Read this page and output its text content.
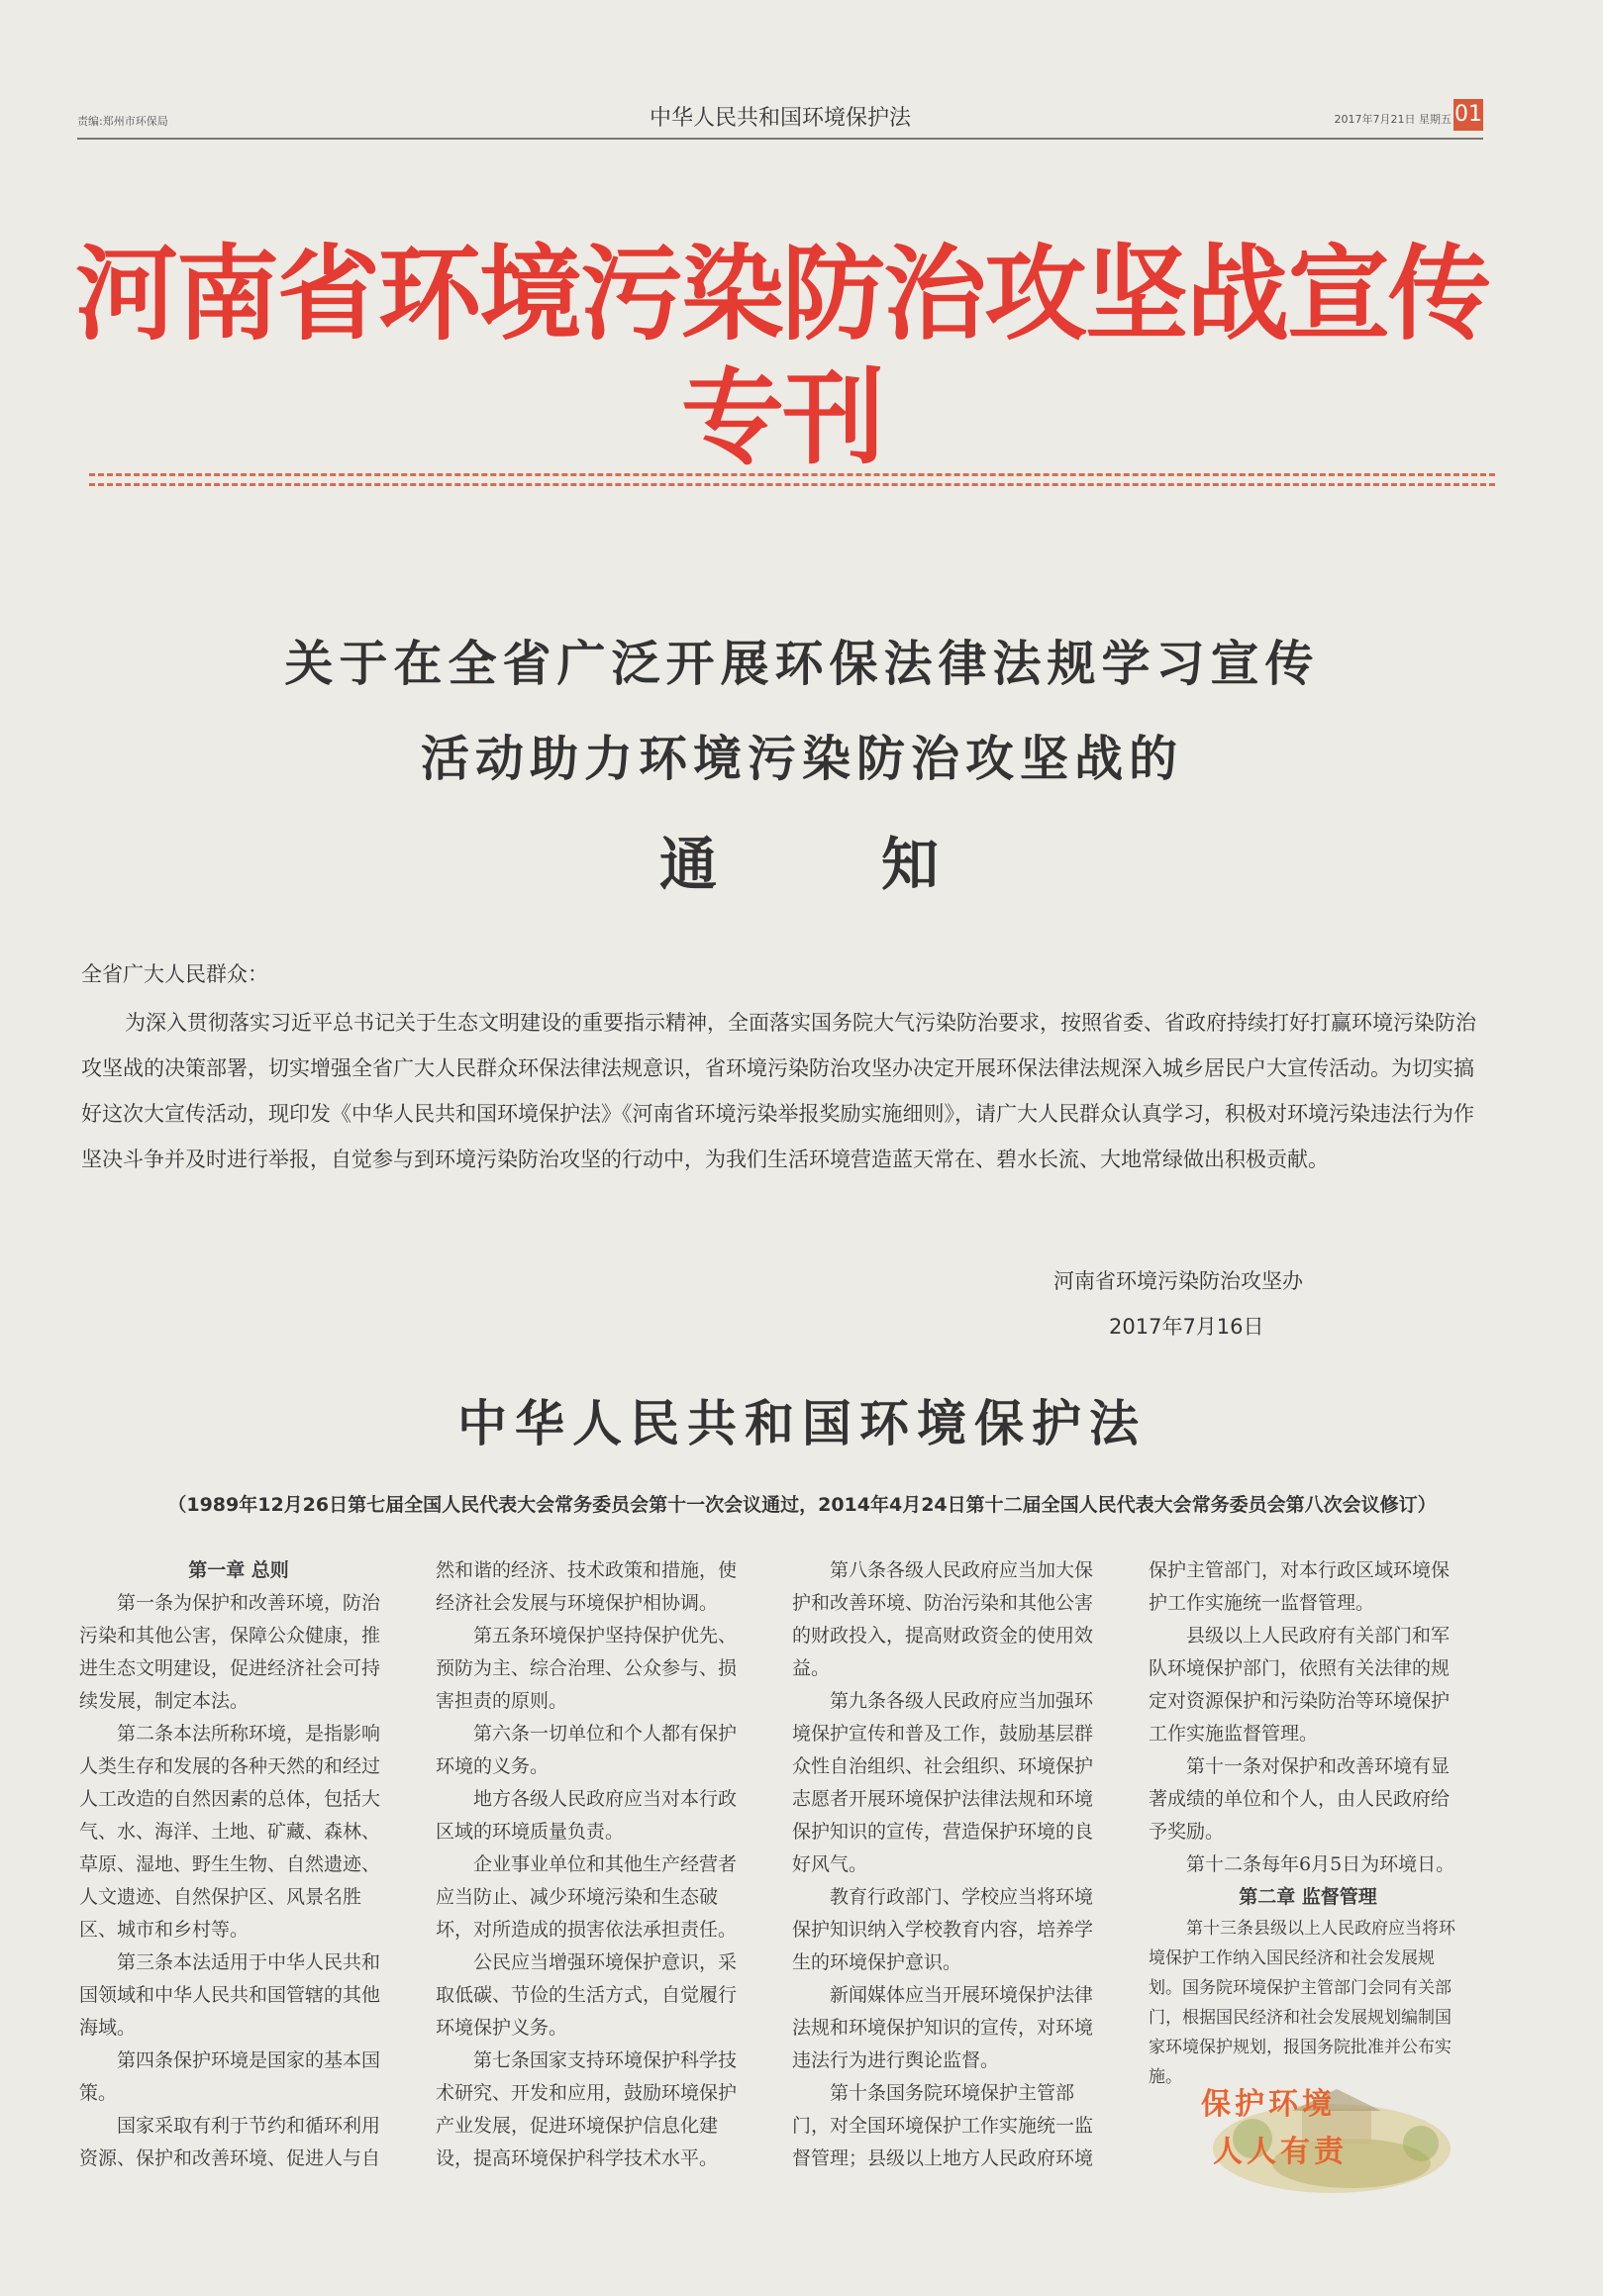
责编:郑州市环保局	中华人民共和国环境保护法	2017年7月21日 星期五 01
河南省环境污染防治攻坚战宣传专刊
关于在全省广泛开展环保法律法规学习宣传
活动助力环境污染防治攻坚战的
通	知
全省广大人民群众：

为深入贯彻落实习近平总书记关于生态文明建设的重要指示精神，全面落实国务院大气污染防治要求，按照省委、省政府持续打好打赢环境污染防治攻坚战的决策部署，切实增强全省广大人民群众环保法律法规意识，省环境污染防治攻坚办决定开展环保法律法规深入城乡居民户大宣传活动。为切实搞好这次大宣传活动，现印发《中华人民共和国环境保护法》《河南省环境污染举报奖励实施细则》，请广大人民群众认真学习，积极对环境污染违法行为作坚决斗争并及时进行举报，自觉参与到环境污染防治攻坚的行动中，为我们生活环境营造蓝天常在、碧水长流、大地常绿做出积极贡献。

河南省环境污染防治攻坚办
2017年7月16日
中华人民共和国环境保护法
（1989年12月26日第七届全国人民代表大会常务委员会第十一次会议通过，2014年4月24日第十二届全国人民代表大会常务委员会第八次会议修订）

第一章 总则

第一条为保护和改善环境，防治污染和其他公害，保障公众健康，推进生态文明建设，促进经济社会可持续发展，制定本法。

第二条本法所称环境，是指影响人类生存和发展的各种天然的和经过人工改造的自然因素的总体，包括大气、水、海洋、土地、矿藏、森林、草原、湿地、野生生物、自然遗迹、人文遗迹、自然保护区、风景名胜区、城市和乡村等。

第三条本法适用于中华人民共和国领域和中华人民共和国管辖的其他海域。

第四条保护环境是国家的基本国策。

国家采取有利于节约和循环利用资源、保护和改善环境、促进人与自

然和谐的经济、技术政策和措施，使经济社会发展与环境保护相协调。

第五条环境保护坚持保护优先、预防为主、综合治理、公众参与、损害担责的原则。

第六条一切单位和个人都有保护环境的义务。

地方各级人民政府应当对本行政区域的环境质量负责。

企业事业单位和其他生产经营者应当防止、减少环境污染和生态破坏，对所造成的损害依法承担责任。

公民应当增强环境保护意识，采取低碳、节俭的生活方式，自觉履行环境保护义务。

第七条国家支持环境保护科学技术研究、开发和应用，鼓励环境保护产业发展，促进环境保护信息化建设，提高环境保护科学技术水平。

第八条各级人民政府应当加大保护和改善环境、防治污染和其他公害的财政投入，提高财政资金的使用效益。

第九条各级人民政府应当加强环境保护宣传和普及工作，鼓励基层群众性自治组织、社会组织、环境保护志愿者开展环境保护法律法规和环境保护知识的宣传，营造保护环境的良好风气。

教育行政部门、学校应当将环境保护知识纳入学校教育内容，培养学生的环境保护意识。

新闻媒体应当开展环境保护法律法规和环境保护知识的宣传，对环境违法行为进行舆论监督。

第十条国务院环境保护主管部门，对全国环境保护工作实施统一监督管理；县级以上地方人民政府环境

保护主管部门，对本行政区域环境保护工作实施统一监督管理。

县级以上人民政府有关部门和军队环境保护部门，依照有关法律的规定对资源保护和污染防治等环境保护工作实施监督管理。

第十一条对保护和改善环境有显著成绩的单位和个人，由人民政府给予奖励。

第十二条每年6月5日为环境日。

第二章 监督管理

第十三条县级以上人民政府应当将环境保护工作纳入国民经济和社会发展规划。国务院环境保护主管部门会同有关部门，根据国民经济和社会发展规划编制国家环境保护规划，报国务院批准并公布实施。

保护环境
人人有责
